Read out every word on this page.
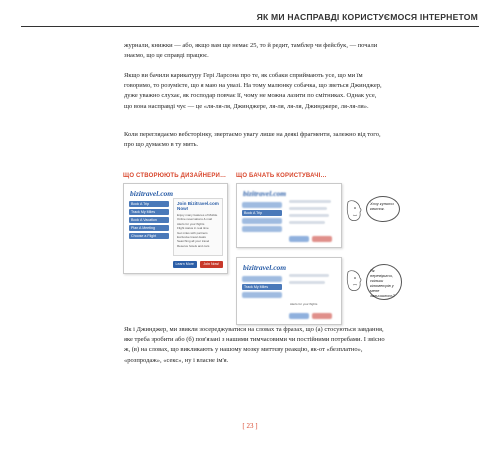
ЯК МИ НАСПРАВДІ КОРИСТУЄМОСЯ ІНТЕРНЕТОМ

журнали, книжки — або, якщо вам ще немає 25, то й редит, тамблер чи фейсбук, — почали знаємо, що це справді працює.

Якщо ви бачили карикатуру Гері Ларсона про те, як собаки сприймають усе, що ми їм говоримо, то розумієте, що я маю на увазі. На тому малюнку собачка, що зветься Джинджер, дуже уважно слухає, як господар повчає її, чому не можна лазити по смітниках. Однак усе, що вона насправді чує — це «ля-ля-ля, Джинджере, ля-ля, ля-ля, Джинджере, ля-ля-ля».

Коли переглядаємо вебсторінку, звертаємо увагу лише на деякі фрагменти, залежно від того, про що думаємо в ту мить.

ЩО СТВОРЮЮТЬ ДИЗАЙНЕРИ… ЩО БАЧАТЬ КОРИСТУВАЧІ…
bizitravel.com
Book A Trip
Track My Miles
Book A Vacation
Plan A Meeting
Choose a Flight
Join Bizitravel.com Now!
Enjoy many features of Mobile
Online reservations & mail
Alerts for your flights
Flight status in real time
Get miles with partners
Exclusive travel deals
Searching all your travel
Reserve hotels and cars
Learn More	Join Now!
bizitravel.com
Book A Trip
bizitravel.com
Track My Miles
Alerts for your flights
Хочу купити квиток.
Як перевірити, скільки кілометрів у мене залишилось?

Як і Джинджер, ми звикли зосереджуватися на словах та фразах, що (а) стосуються завдання, яке треба зробити або (б) пов'язані з нашими тимчасовими чи постійними потребами. І звісно ж, (в) на словах, що викликають у нашому мозку миттєву реакцію, як-от «безплатно», «розпродаж», «секс», ну і власне ім'я.

[ 23 ]
